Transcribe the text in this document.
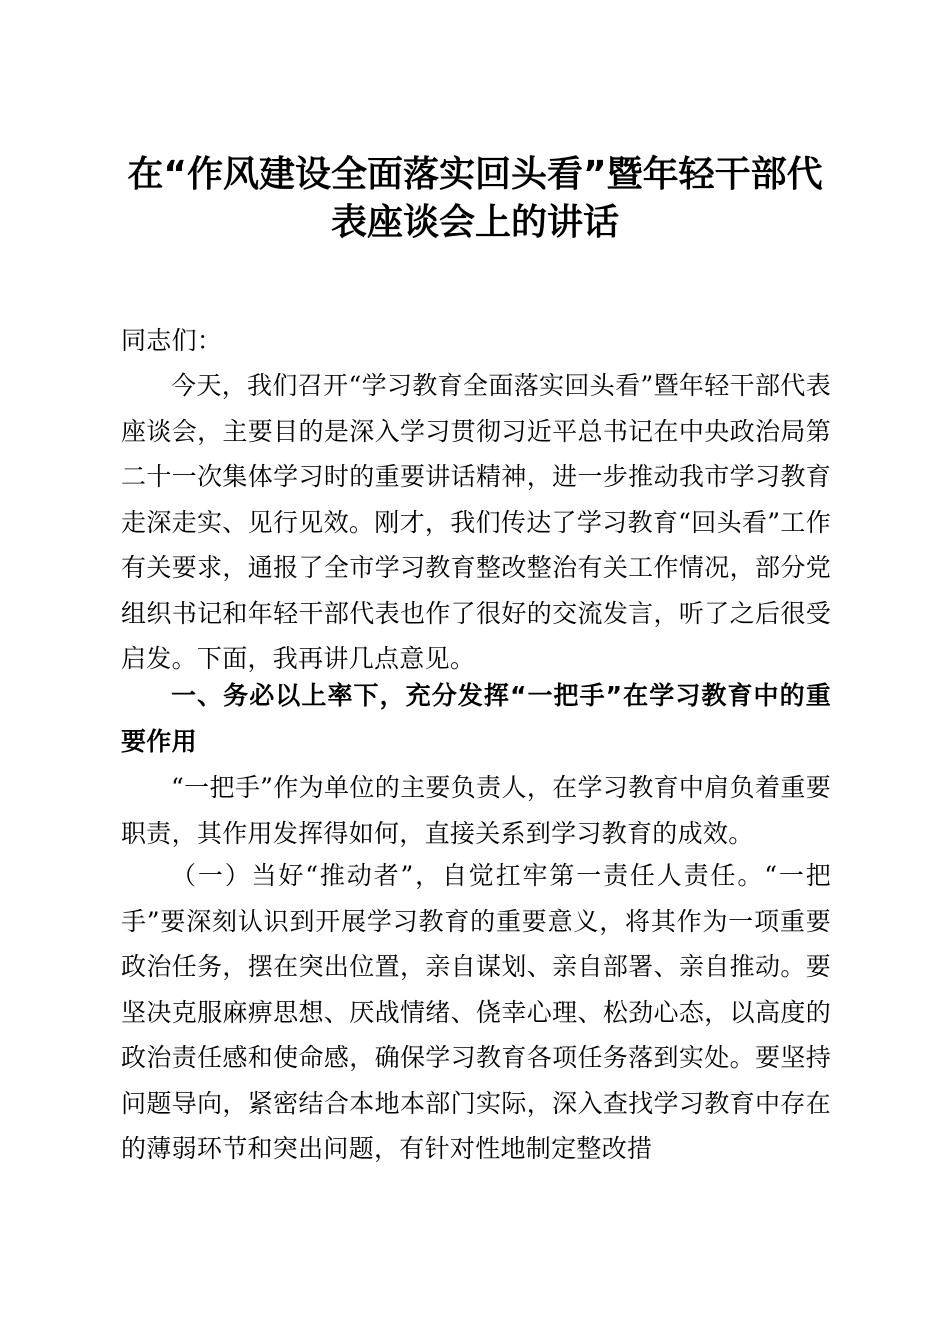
在“作风建设全面落实回头看”暨年轻干部代
表座谈会上的讲话

同志们：

今天，我们召开“学习教育全面落实回头看”暨年轻干部代表座谈会，主要目的是深入学习贯彻习近平总书记在中央政治局第二十一次集体学习时的重要讲话精神，进一步推动我市学习教育走深走实、见行见效。刚才，我们传达了学习教育“回头看”工作有关要求，通报了全市学习教育整改整治有关工作情况，部分党组织书记和年轻干部代表也作了很好的交流发言，听了之后很受启发。下面，我再讲几点意见。

一、务必以上率下，充分发挥“一把手”在学习教育中的重要作用

“一把手”作为单位的主要负责人，在学习教育中肩负着重要职责，其作用发挥得如何，直接关系到学习教育的成效。

（一）当好“推动者”，自觉扛牢第一责任人责任。“一把手”要深刻认识到开展学习教育的重要意义，将其作为一项重要政治任务，摆在突出位置，亲自谋划、亲自部署、亲自推动。要坚决克服麻痹思想、厌战情绪、侥幸心理、松劲心态，以高度的政治责任感和使命感，确保学习教育各项任务落到实处。要坚持问题导向，紧密结合本地本部门实际，深入查找学习教育中存在的薄弱环节和突出问题，有针对性地制定整改措
